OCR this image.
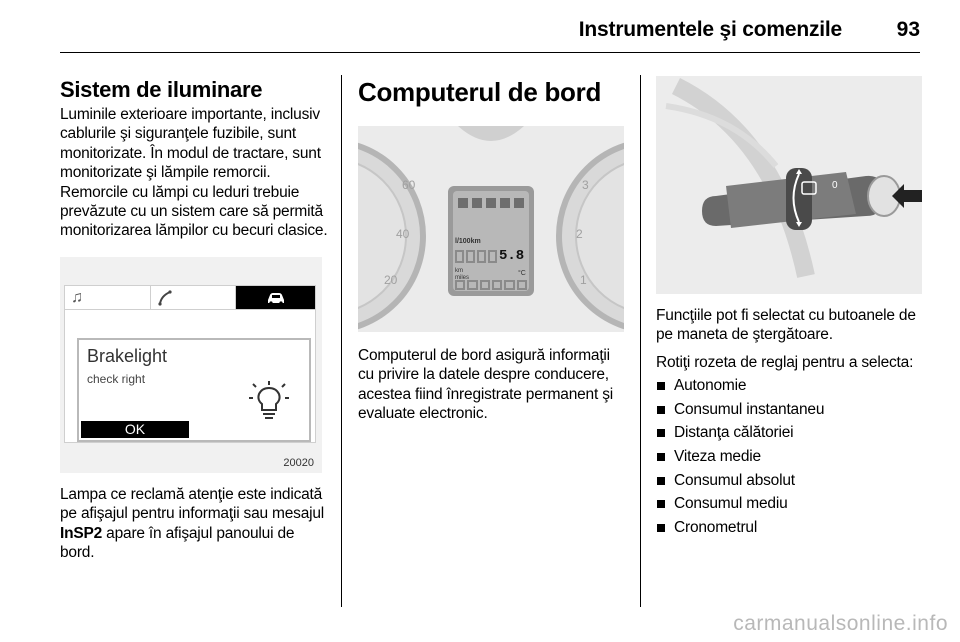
Instrumentele şi comenzile	93
Sistem de iluminare

Luminile exterioare importante, inclusiv cablurile şi siguranţele fuzibile, sunt monitorizate. În modul de tractare, sunt monitorizate şi lămpile remorcii. Remorcile cu lămpi cu leduri trebuie prevăzute cu un sistem care să permită monitorizarea lămpilor cu becuri clasice.

♫
Brakelight
check right
OK
20020

Lampa ce reclamă atenţie este indicată pe afişajul pentru informaţii sau mesajul InSP2 apare în afişajul panoului de bord.

Computerul de bord
60
40
20
3
2
1
l/100km
5.8
km
miles
°C

Computerul de bord asigură informaţii cu privire la datele despre conducere, acestea fiind înregistrate permanent şi evaluate electronic.

0

Funcţiile pot fi selectat cu butoanele de pe maneta de ştergătoare.

Rotiţi rozeta de reglaj pentru a selecta:

Autonomie
Consumul instantaneu
Distanţa călătoriei
Viteza medie
Consumul absolut
Consumul mediu
Cronometrul
carmanualsonline.info
